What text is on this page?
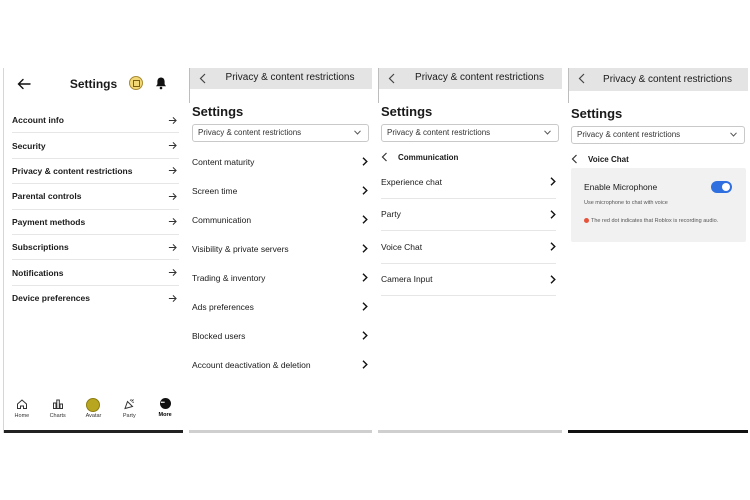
Settings
Account info
Security
Privacy & content restrictions
Parental controls
Payment methods
Subscriptions
Notifications
Device preferences
Home	Charts	Avatar	Party
•••	More
Privacy & content restrictions
Settings
Privacy & content restrictions
Content maturity
Screen time
Communication
Visibility & private servers
Trading & inventory
Ads preferences
Blocked users
Account deactivation & deletion
Privacy & content restrictions
Settings
Privacy & content restrictions
Communication
Experience chat
Party
Voice Chat
Camera Input
Privacy & content restrictions
Settings
Privacy & content restrictions
Voice Chat
Enable Microphone
Use microphone to chat with voice
The red dot indicates that Roblox is recording audio.
